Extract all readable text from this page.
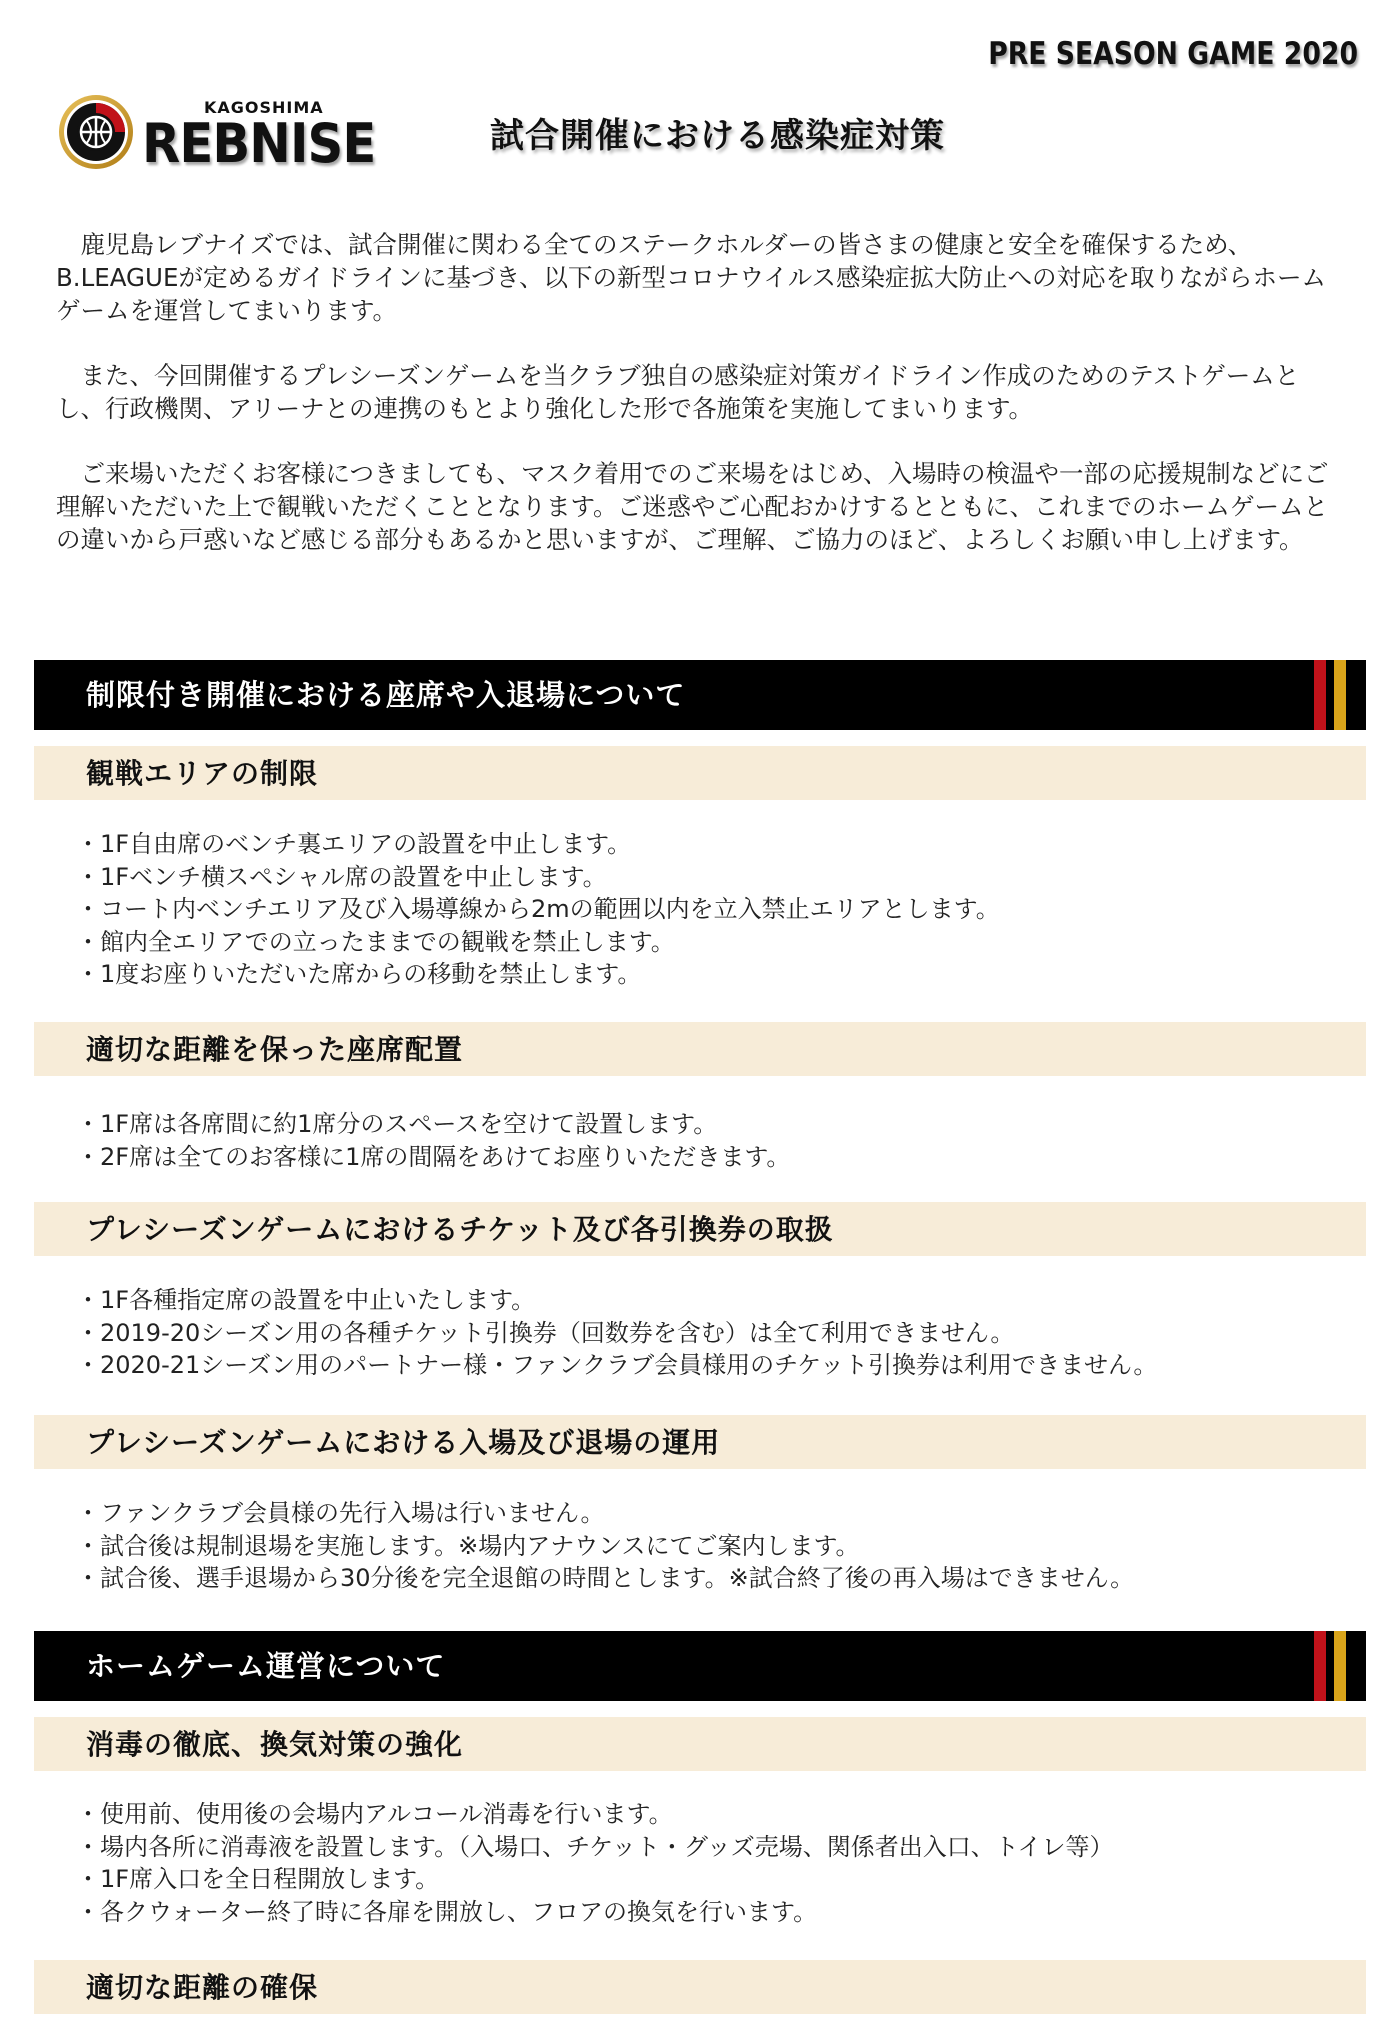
PRE SEASON GAME 2020
KAGOSHIMA
REBNISE	試合開催における感染症対策

鹿児島レブナイズでは、試合開催に関わる全てのステークホルダーの皆さまの健康と安全を確保するため、B.LEAGUEが定めるガイドラインに基づき、以下の新型コロナウイルス感染症拡大防止への対応を取りながらホームゲームを運営してまいります。

また、今回開催するプレシーズンゲームを当クラブ独自の感染症対策ガイドライン作成のためのテストゲームとし、行政機関、アリーナとの連携のもとより強化した形で各施策を実施してまいります。

ご来場いただくお客様につきましても、マスク着用でのご来場をはじめ、入場時の検温や一部の応援規制などにご理解いただいた上で観戦いただくこととなります。ご迷惑やご心配おかけするとともに、これまでのホームゲームとの違いから戸惑いなど感じる部分もあるかと思いますが、ご理解、ご協力のほど、よろしくお願い申し上げます。

制限付き開催における座席や入退場について
観戦エリアの制限
・ 1F自由席のベンチ裏エリアの設置を中止します。
・ 1Fベンチ横スペシャル席の設置を中止します。
・ コート内ベンチエリア及び入場導線から2mの範囲以内を立入禁止エリアとします。
・ 館内全エリアでの立ったままでの観戦を禁止します。
・ 1度お座りいただいた席からの移動を禁止します。
適切な距離を保った座席配置
・ 1F席は各席間に約1席分のスペースを空けて設置します。
・ 2F席は全てのお客様に1席の間隔をあけてお座りいただきます。
プレシーズンゲームにおけるチケット及び各引換券の取扱
・ 1F各種指定席の設置を中止いたします。
・ 2019-20シーズン用の各種チケット引換券（回数券を含む）は全て利用できません。
・ 2020-21シーズン用のパートナー様・ファンクラブ会員様用のチケット引換券は利用できません。
プレシーズンゲームにおける入場及び退場の運用
・ ファンクラブ会員様の先行入場は行いません。
・ 試合後は規制退場を実施します。※場内アナウンスにてご案内します。
・ 試合後、選手退場から30分後を完全退館の時間とします。※試合終了後の再入場はできません。
ホームゲーム運営について
消毒の徹底、換気対策の強化
・ 使用前、使用後の会場内アルコール消毒を行います。
・ 場内各所に消毒液を設置します。（入場口、チケット・グッズ売場、関係者出入口、トイレ等）
・ 1F席入口を全日程開放します。
・ 各クウォーター終了時に各扉を開放し、フロアの換気を行います。
適切な距離の確保
